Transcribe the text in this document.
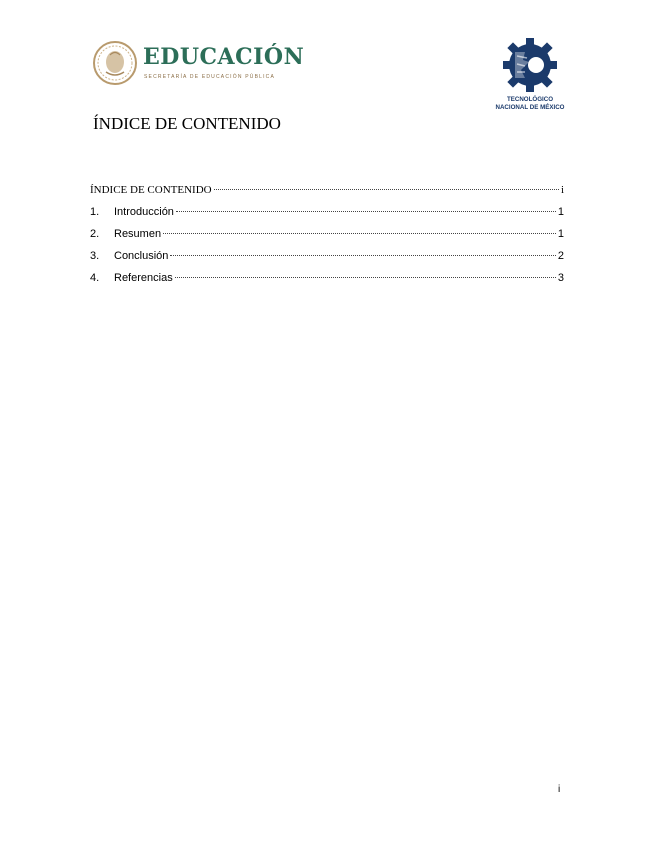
EDUCACIÓN
SECRETARÍA DE EDUCACIÓN PÚBLICA
TECNOLÓGICO
NACIONAL DE MÉXICO
ÍNDICE DE CONTENIDO
ÍNDICE DE CONTENIDO	i
1.	Introducción	1
2.	Resumen	1
3.	Conclusión	2
4.	Referencias	3
i
